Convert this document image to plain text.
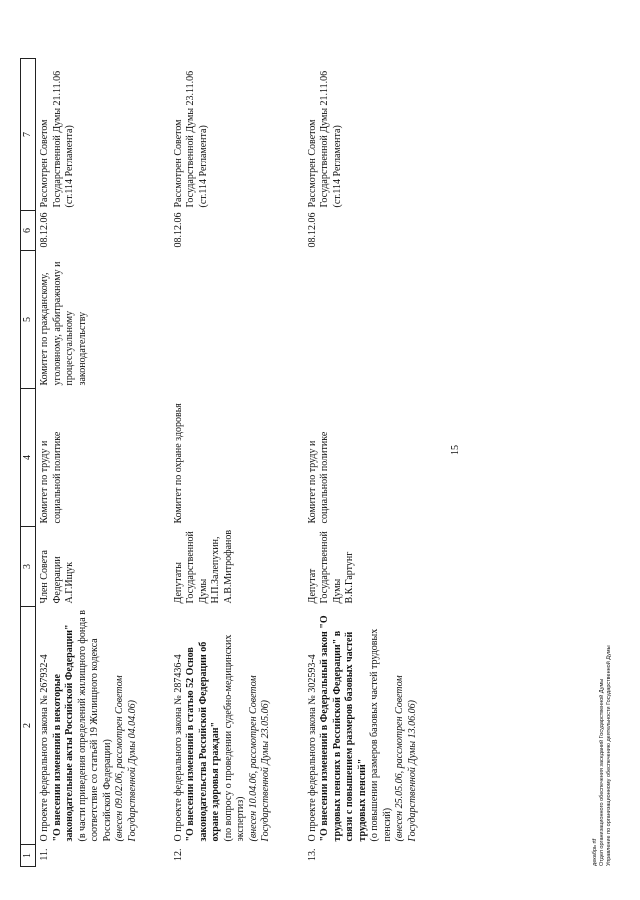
15
1	2	3	4	5	6	7
11.	О проекте федерального закона № 267932-4 "О внесении изменений в некоторые законодательные акты Российской Федерации" (в части приведения определений жилищного фонда в соответствие со статьёй 19 Жилищного кодекса Российской Федерации) (внесен 09.02.06, рассмотрен Советом Государственной Думы 04.04.06)	Член Совета Федерации А.Г.Ищук	Комитет по труду и социальной политике	Комитет по гражданскому, уголовному, арбитражному и процессуальному законодательству	08.12.06	Рассмотрен Советом Государственной Думы 21.11.06 (ст.114 Регламента)
12.	О проекте федерального закона № 287436-4 "О внесении изменений в статью 52 Основ законодательства Российской Федерации об охране здоровья граждан" (по вопросу о проведении судебно-медицинских экспертиз) (внесен 10.04.06, рассмотрен Советом Государственной Думы 23.05.06)	Депутаты Государственной Думы Н.П.Залепухин, А.В.Митрофанов	Комитет по охране здоровья		08.12.06	Рассмотрен Советом Государственной Думы 23.11.06 (ст.114 Регламента)
13.	О проекте федерального закона № 302593-4 "О внесении изменений в Федеральный закон "О трудовых пенсиях в Российской Федерации" в связи с повышением размеров базовых частей трудовых пенсий" (о повышении размеров базовых частей трудовых пенсий) (внесен 25.05.06, рассмотрен Советом Государственной Думы 13.06.06)	Депутат Государственной Думы В.К.Гартунг	Комитет по труду и социальной политике		08.12.06	Рассмотрен Советом Государственной Думы 21.11.06 (ст.114 Регламента)
декабрь rtf Отдел организационного обеспечения заседаний Государственной Думы Управление по организационному обеспечению деятельности Государственной Думы
